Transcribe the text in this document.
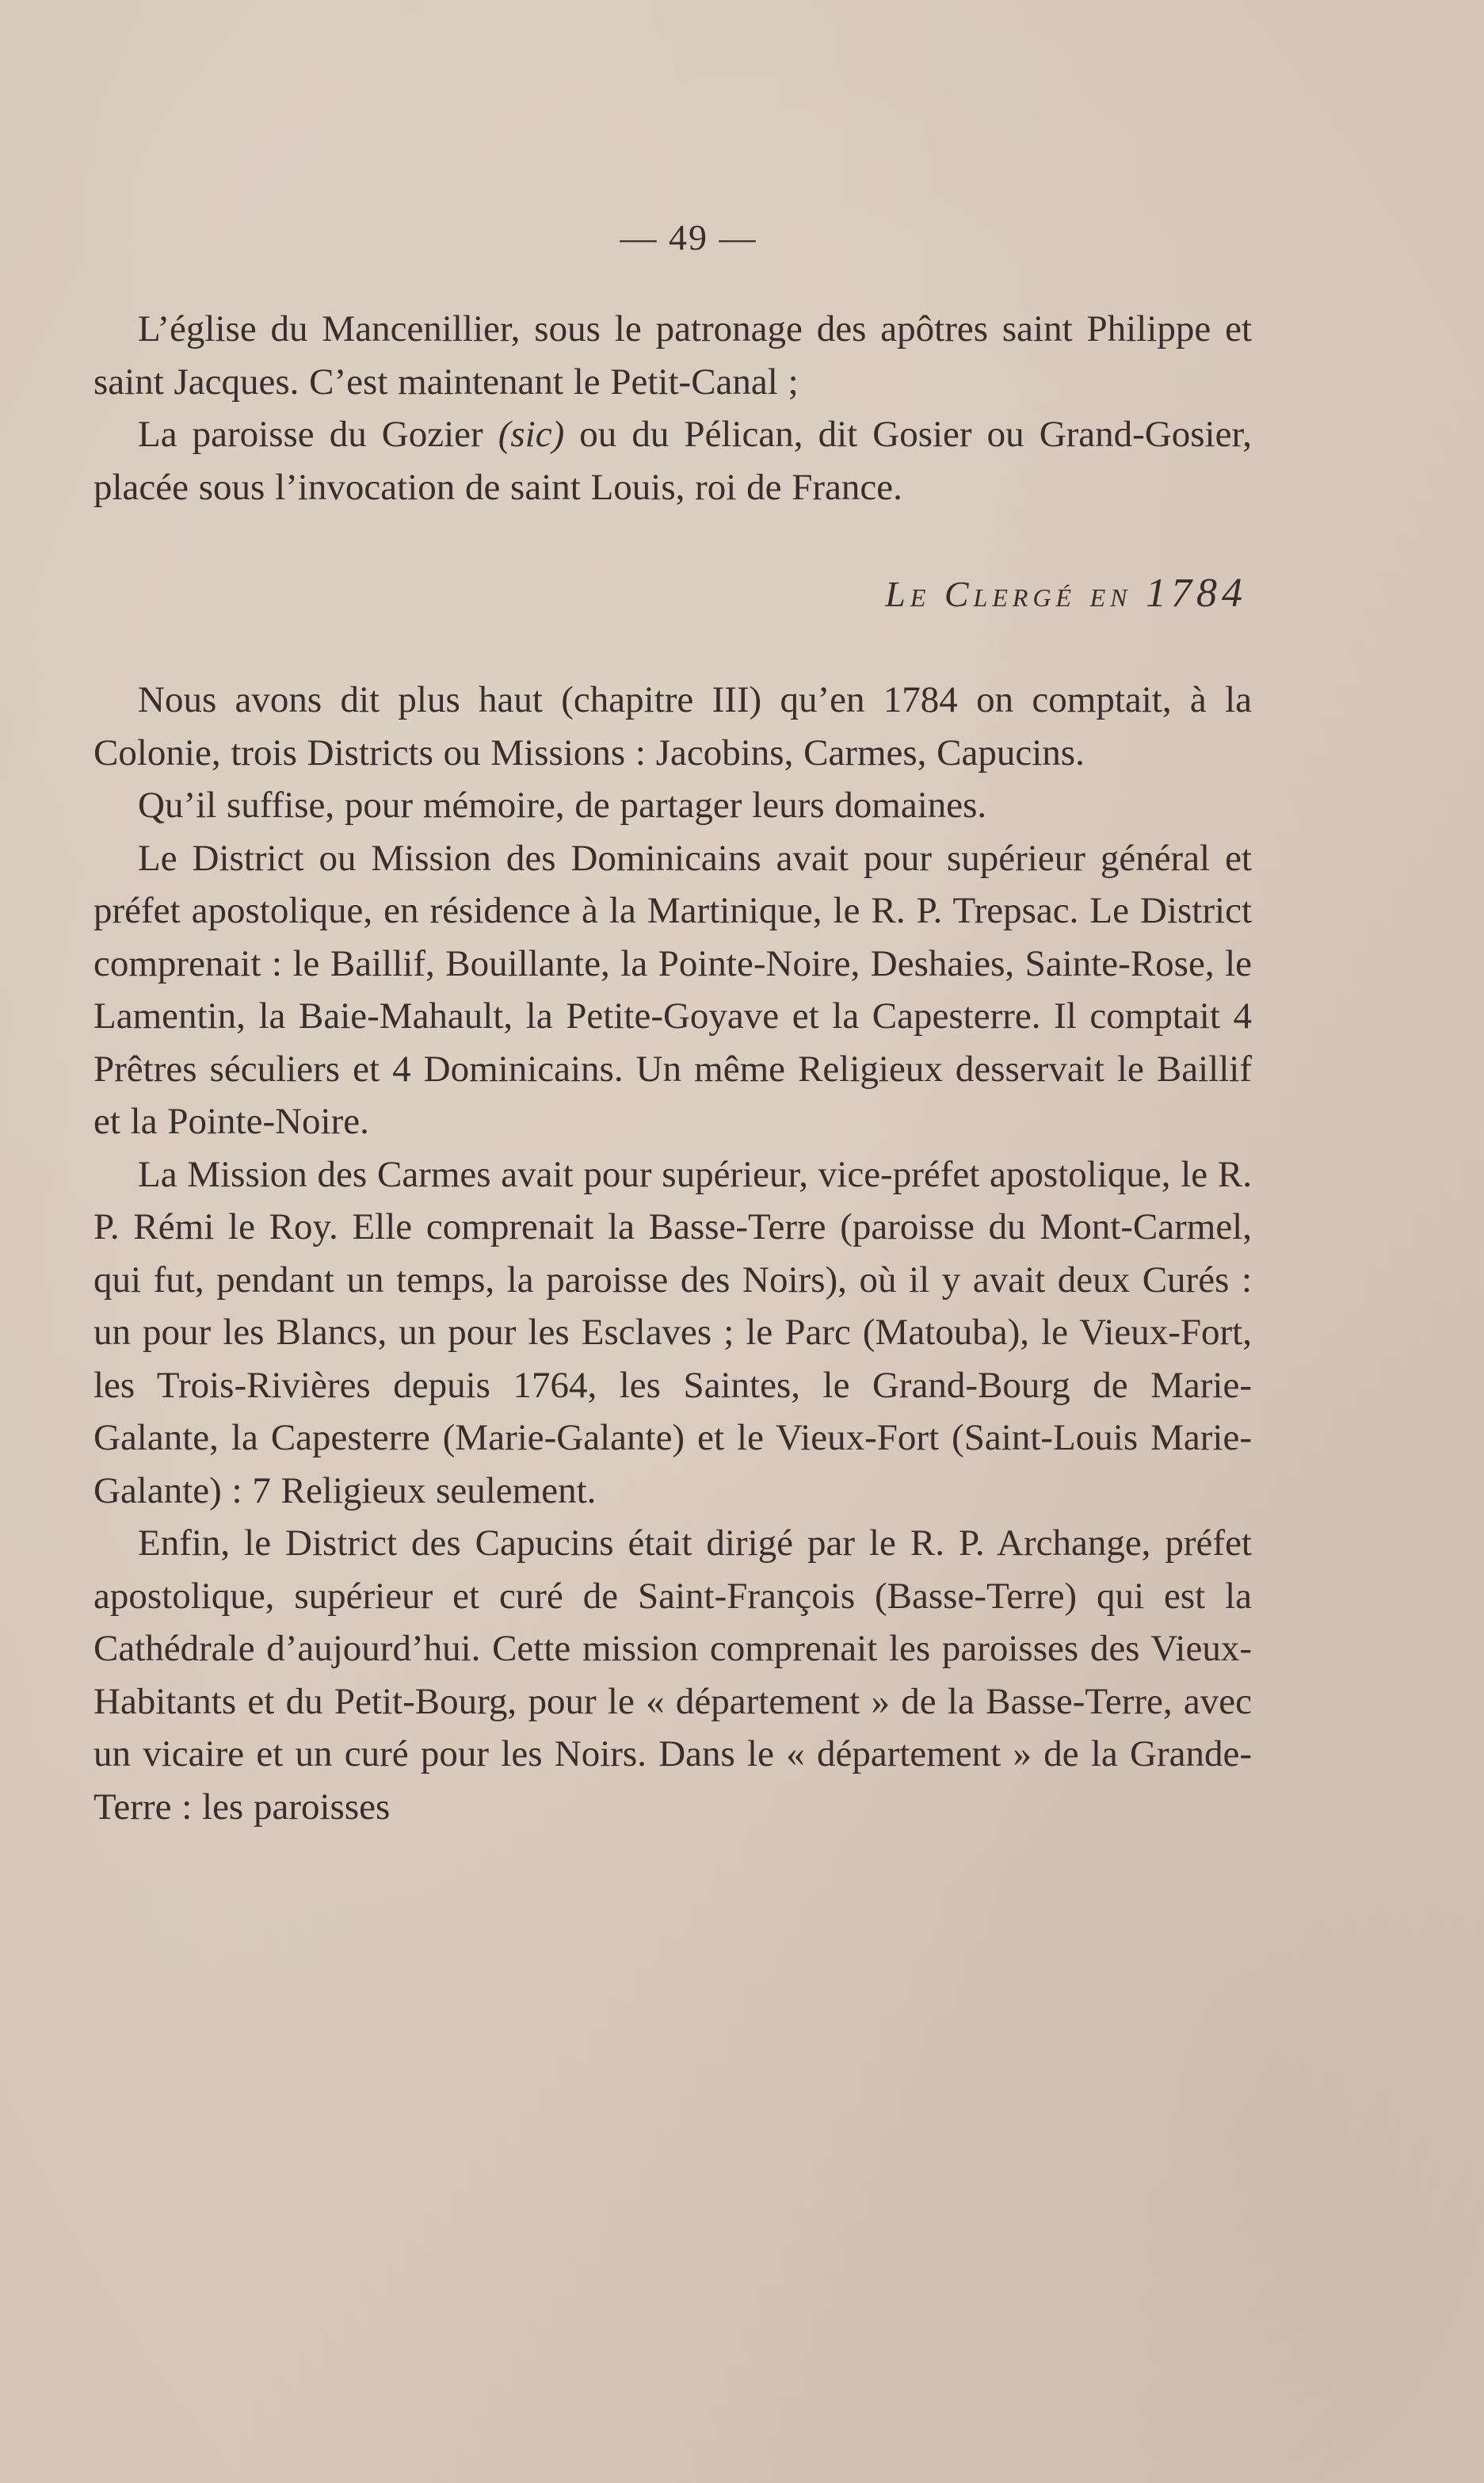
— 49 —

L’église du Mancenillier, sous le patronage des apôtres saint Philippe et saint Jacques. C’est maintenant le Petit-Canal ;

La paroisse du Gozier (sic) ou du Pélican, dit Gosier ou Grand-Gosier, placée sous l’invocation de saint Louis, roi de France.

Le Clergé en 1784

Nous avons dit plus haut (chapitre III) qu’en 1784 on comptait, à la Colonie, trois Districts ou Missions : Jacobins, Carmes, Capucins.

Qu’il suffise, pour mémoire, de partager leurs domaines.

Le District ou Mission des Dominicains avait pour supérieur général et préfet apostolique, en résidence à la Martinique, le R. P. Trepsac. Le District comprenait : le Baillif, Bouillante, la Pointe-Noire, Deshaies, Sainte-Rose, le Lamentin, la Baie-Mahault, la Petite-Goyave et la Capesterre. Il comptait 4 Prêtres séculiers et 4 Dominicains. Un même Religieux desservait le Baillif et la Pointe-Noire.

La Mission des Carmes avait pour supérieur, vice-préfet apostolique, le R. P. Rémi le Roy. Elle comprenait la Basse-Terre (paroisse du Mont-Carmel, qui fut, pendant un temps, la paroisse des Noirs), où il y avait deux Curés : un pour les Blancs, un pour les Esclaves ; le Parc (Matouba), le Vieux-Fort, les Trois-Rivières depuis 1764, les Saintes, le Grand-Bourg de Marie-Galante, la Capesterre (Marie-Galante) et le Vieux-Fort (Saint-Louis Marie-Galante) : 7 Religieux seulement.

Enfin, le District des Capucins était dirigé par le R. P. Archange, préfet apostolique, supérieur et curé de Saint-François (Basse-Terre) qui est la Cathédrale d’aujourd’hui. Cette mission comprenait les paroisses des Vieux-Habitants et du Petit-Bourg, pour le « département » de la Basse-Terre, avec un vicaire et un curé pour les Noirs. Dans le « département » de la Grande-Terre : les paroisses
